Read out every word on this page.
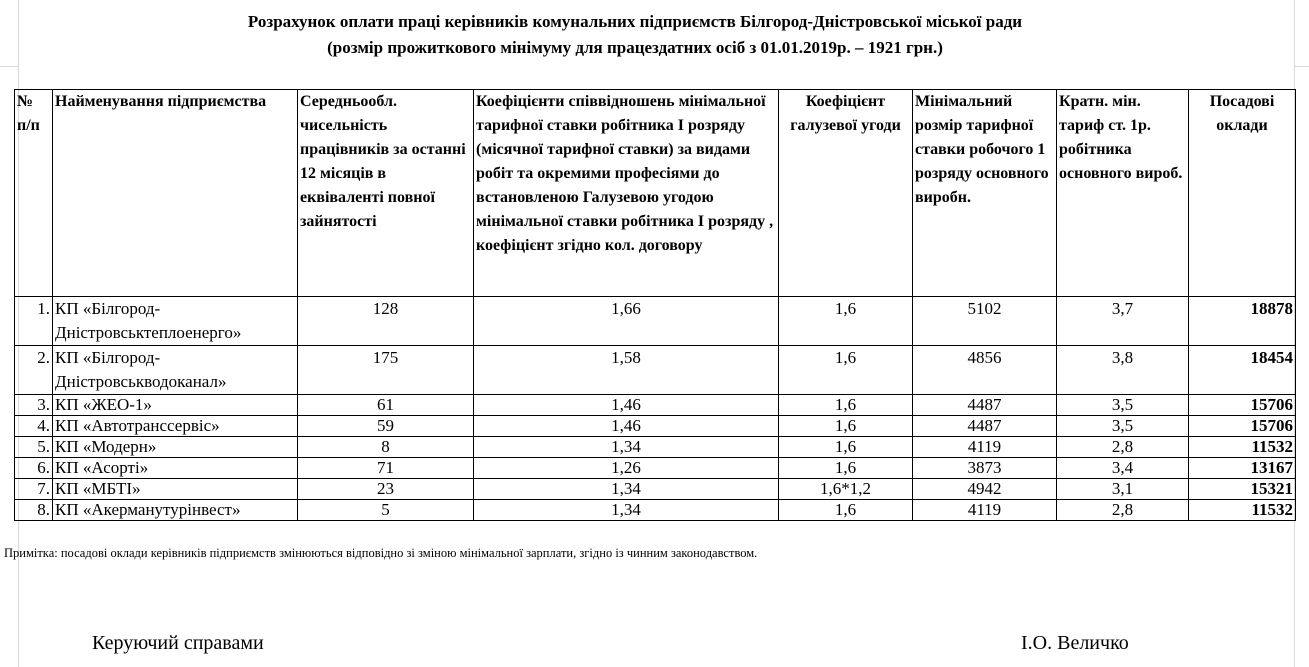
Розрахунок оплати праці керівників комунальних підприємств Білгород-Дністровської міської ради
(розмір прожиткового мінімуму для працездатних осіб з 01.01.2019р. – 1921 грн.)
№ п/п	Найменування підприємства	Середньообл. чисельність працівників за останні 12 місяців в еквіваленті повної зайнятості	Коефіцієнти співвідношень мінімальної тарифної ставки робітника І розряду (місячної тарифної ставки) за видами робіт та окремими професіями до встановленою Галузевою угодою мінімальної ставки робітника І розряду , коефіцієнт згідно кол. договору	Коефіцієнт галузевої угоди	Мінімальний розмір тарифної ставки робочого 1 розряду основного виробн.	Кратн. мін. тариф ст. 1р. робітника основного вироб.	Посадові оклади
1.	КП «Білгород-Дністровськтеплоенерго»	128	1,66	1,6	5102	3,7	18878
2.	КП «Білгород-Дністровськводоканал»	175	1,58	1,6	4856	3,8	18454
3.	КП «ЖЕО-1»	61	1,46	1,6	4487	3,5	15706
4.	КП «Автотранссервіс»	59	1,46	1,6	4487	3,5	15706
5.	КП «Модерн»	8	1,34	1,6	4119	2,8	11532
6.	КП «Асорті»	71	1,26	1,6	3873	3,4	13167
7.	КП «МБТІ»	23	1,34	1,6*1,2	4942	3,1	15321
8.	КП «Акерманутурінвест»	5	1,34	1,6	4119	2,8	11532
Примітка: посадові оклади керівників підприємств змінюються відповідно зі зміною мінімальної зарплати, згідно із чинним законодавством.
Керуючий справами	І.О. Величко
